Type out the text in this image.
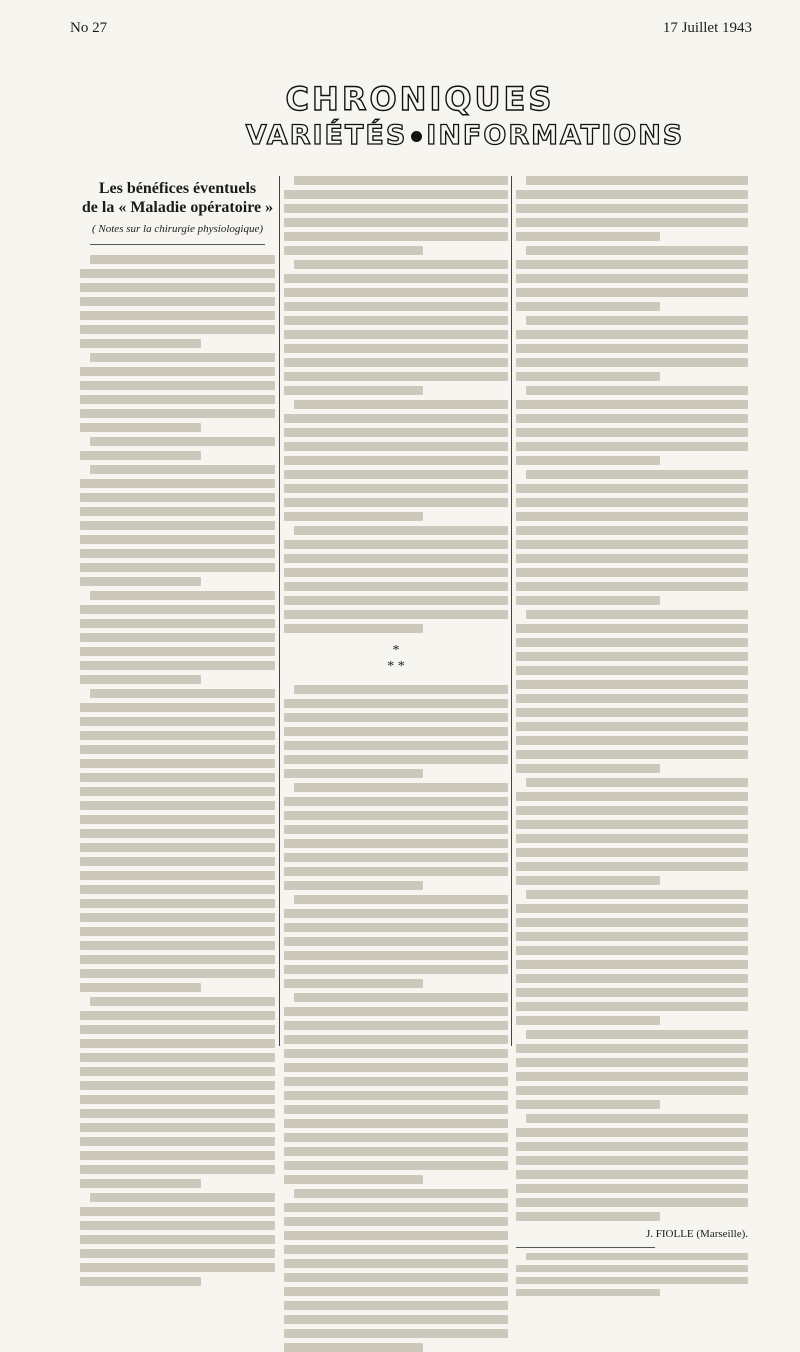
No 27	17 Juillet 1943
CHRONIQUES
VARIÉTÉS INFORMATIONS
Les bénéfices éventuels
de la « Maladie opératoire »
( Notes sur la chirurgie physiologique)
*
* *
J. FIOLLE (Marseille).
